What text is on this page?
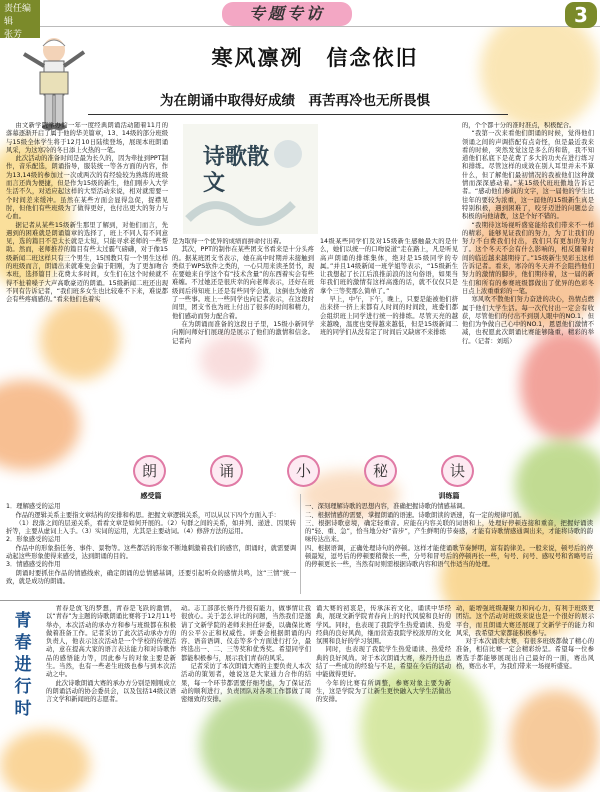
责任编辑
张芳
专题专访	3
寒风凛冽　信念依旧
为在朗诵中取得好成绩　再苦再冷也无所畏惧

由文新学院举办的一年一度经典朗诵活动随着11月的落幕逐渐开启了属于他的华美篇章，13、14级的部分班级与15级全体学生将于12月10日陆续登场，展现本班朗诵风采，为这寒冷的冬日添上火热的一笔。

此次活动的准备时间是最为长久的，因为牵扯到PPT制作，音乐配选，朗诵指导，服装统一等各方面的内容，作为13,14级的参加过一次或两次的有经验较为熟练的班级而言还尚为便捷，但是作为15级的新生，他们刚步入大学生活不久，对适应起这样的大型活动来说，相对就需要一个时间差来缓冲。虽然在某些方面会显得急促，捉襟见肘，但他们有些班级为了做得更好，也付出更大的努力与心血。

据记者从某些15级新生那里了解到，对他们而言，先遇到的困难就是朗诵篇章的选择了，班上不同人有不同意见，选的篇目不是太长就是太短，只能寻求老师的一些帮助。然而，老师推荐的篇目有些太过霸气磅礴，对于像15级新闻二班这样只有三个男生，15国教只有一个男生这样的班级而言，朗诵出来就难免会偏于阳刚，为了更加吻合本班，选择篇目上花费太多时间，女生们在这个时候就不得不扯着嗓子大声高歌豪迈的朗诵。15级新闻二班还出现不同有告诉记者，“我们班多女生也比较难不下来，难说都会有些疼痛感的。”看来他们也着实

诗歌散文

是为取得一个优异的成绩而拼命付出着。

其次，PPT的制作在某些团支书看来是十分头疼的。据某班团支书表示，她在高中时期并未接触到类似于WPS软件之类的，一心只用来读圣贤书，现在要她来自学这个有“技术含量”的东西着实会有些难缠。不过她还是很庆幸的向老师表示，还好在班级间后得知班上还是有些同学会做，这倒也为她省了一些事。班上一些同学也向记者表示，在这段时间里，团支书也为班上付出了很多的时间和精力，他们感动而努力配合着。

在为朗诵而准备的这段日子里，15级小新同学向刚问师好们展现的是展示了他们的激情和信念。记者向

14级某些同学们及对15级新生感触最大的是什么，她们以统一的口吻说道“走在路上，凡是听见高声朗诵的排练集体，绝对是15级同学的专属。”并且14级新闻一班学姐等表示，“15级新生让我想起了长江后浪推前浪的这句俗语，如果当年我们班的激情有这样高涨的话，就不仅仅只是拿个三等奖那么简单了。”

早上，中午，下午，晚上，只要是能被他们挤出来挤一挤上来都有人时间的时间段，班委们都会组织班上同学进行统一的排练。尽管天亮的越来越晚，温度也变得越来越低，但是15级新闻二班的同学们从没有定了时间后又缺席不来排练

的，个个都十分的准时准点，积极配合。

“我第一次来看他们朗诵的时候，觉得他们领诵之间的声调搭配有点奇怪，但是最近我来看的时候，突然发觉这是多么的和谐，我不知道他们私底下是花费了多大的功夫在进行练习和排练。尽管这样的成效在别人耳里并未不算什么，但了解他们最初情况的我被他们这种激情而深深感动着。”某15级代班班傲地告诉记者。“感动他们参演的文字，这一届他的学生比往年的要较为浓重，这一届他的15级新生真是特别积极，遇到困难了，咬牙迈进的问题总会积极的向他请教，这是个好不错的。

“我期待这场视听盛宴能给我们带来不一样的精彩，能够见证我们的努力，为了让我们的努力不白费我们付出，我们只有更加的努力了。这个冬天不会有什么影响的，相反随着时间的临近越来越期待了。”15级新生吴彩玉这样告诉记者。看来，寒冷的冬天并不会阻挡他们努力的激情的脚步，他们期待着，这一届的新生们和所有的参赛班级都做出了优异的色彩冬日点上浓重重彩的一笔。

寒风吹不散他们努力奋进的决心，热情点燃属于他们大学生活。每一次代付出一定会有收获，尽管他们的付出不到别人眼中的NO.1，但他们为争做自己心中的NO.1，恩恩他们激情不减，也祝愿此次朗诵比赛能够隆重，精彩的举行。（记者：刘瑶）

朗	诵	小	秘	诀
感受篇
1．理解感受的运用

作品的逻辑关系主要指文章结构的安排和构思。把握文章逻辑关系，可以从以下四个方面入手：

（1）段落之间的层递关系，看看文章是如何开展的。（2）句群之间的关系，如并列、递进、因果转折等，主要从虚词上入手。（3）实词的运用，尤其是主要动词。（4）修辞方法的运用。

2．形象感受的运用

作品中的形象指任务、事件、景物等。这些都活的形象不断地刺激着我们的感官，朗诵时，就需要调动起这些形象使得来感受，达到朗诵的目的。

3．情感感受的作用

朗诵时要抓住作品的情感线索，确定朗诵的总情感基调，还要引起听众的感情共鸣，这“三情”统一致，就是成功的朗诵。

训练篇
一、深刻理解诗歌的思想内容，准确把握诗歌的情感基调。
二、根据情感的需要，掌握朗诵的语速。诗歌朗读的语速，有一定的规律可循。
三、根据诗歌意境，确定轻重音。应能在内容关联的词语和上，处理好停顿连接和重音，把握好诵读的“轻、重、急”，恰当地分好“音步”，产生鲜明的节奏感，才能有诗歌情感通调出来，才能将诗歌的韵味传达出来。
四、根据语调，正确处理诗句的停顿。这样才能使诵歌节奏鲜明，富有韵律美。一般来说，顿号后的停顿最短，逗号后的停顿要稍微长一些，分号和冒号后的停顿再长一些，句号、问号、感叹号和省略号后的停顿更长一些，当然有时则需根据诗歌内容和语气作适当的处理。
青
春
进
行
时

青春是放飞的梦想，青春是飞跃的激情，以“青春”为主题的诗歌朗诵比赛将于12月11号举办，本次活动的承办方和参与班级都在积极做着准备工作。记者采访了此次活动承办方的负责人，他表示这次活动是一个学校的传统活动，意在提高大家的语言表达能力和对诗歌作品的感悟能力等，因此参与的对象主要是新生。当然，也有一些老生班级也参与到本次活动之中。

此次诗歌朗诵大赛的承办方分别是刚刚成立的朗诵活动的协会委员会，以及包括14级汉语言文学和新闻班的志愿者。

动。志工部部长蔡丹丹很有能力，做事情让我很放心。关于怎么评比的问题，当然我们是邀请了文新学院的老师来担任评委，以确保比赛的公平公正和权威性。评委会根据朗诵的内容、语音语调、仪态等多个方面进行打分，最终选出一、二、三等奖和优秀奖。希望同学们都能积极参与，展示我们青春的风采。

记者采访了本次朗诵大赛的主要负责人本次活动的策划者，她说这是大家通力合作的结果，每一个环节都需要仔细考虑，为了保证活动的顺利进行，负责团队对各项工作都做了周密细致的安排。

诵大赛的初衷是，传承沫若文化，诵读中华经典，展现文新学院青春向上的时代风貌和良好的学风。同时，也表现了我院学生热爱诵读、热爱经典的良好风尚，继而营造我院学校浓厚的文化氛围和良好的学习氛围。

同时，也表现了我院学生热爱诵读、热爱经典的良好风尚。对于本次朗诵大赛，蔡丹丹也总结了一些成功的经验与不足，希望在今后的活动中能做得更好。

今年的比赛有所调整，参赛对象主要为新生，这是学院为了让新生更快融入大学生活做出的安排。

动，能增强班级凝聚力和向心力，有利于班级更团结。这个活动对班级来说也是一个很好的展示平台，而且朗诵大赛还展现了文新学子的能力和风采，我希望大家都能积极参与。

对于本次诵读大赛，有很多班级都做了精心的准备，相信比赛一定会精彩纷呈。希望每一位参赛选手都能够展现出自己最好的一面，赛出风格，赛出水平，为我们带来一场视听盛宴。
